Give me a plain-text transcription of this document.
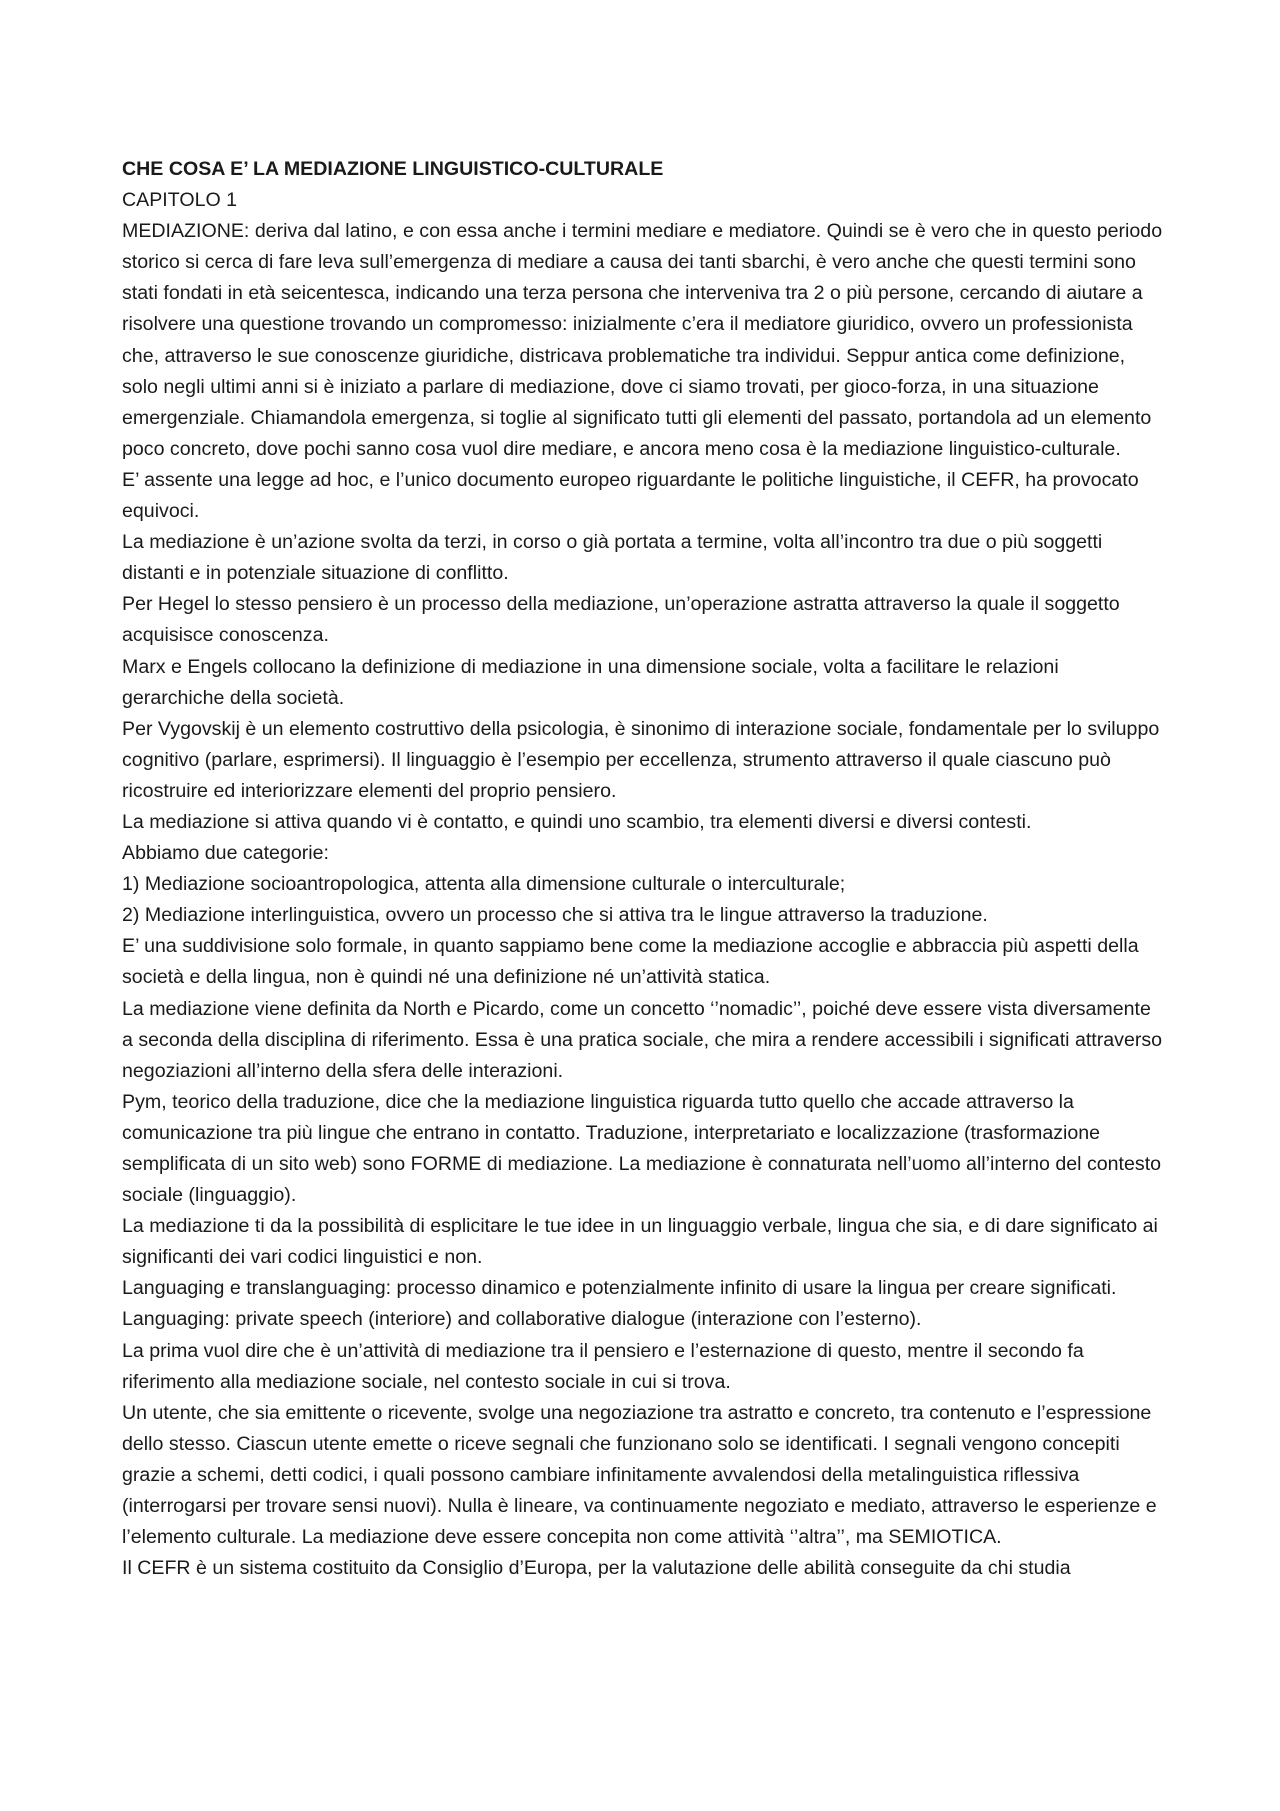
CHE COSA E’ LA MEDIAZIONE LINGUISTICO-CULTURALE

CAPITOLO 1

MEDIAZIONE: deriva dal latino, e con essa anche i termini mediare e mediatore. Quindi se è vero che in questo periodo storico si cerca di fare leva sull’emergenza di mediare a causa dei tanti sbarchi, è vero anche che questi termini sono stati fondati in età seicentesca, indicando una terza persona che interveniva tra 2 o più persone, cercando di aiutare a risolvere una questione trovando un compromesso: inizialmente c’era il mediatore giuridico, ovvero un professionista che, attraverso le sue conoscenze giuridiche, districava problematiche tra individui. Seppur antica come definizione, solo negli ultimi anni si è iniziato a parlare di mediazione, dove ci siamo trovati, per gioco-forza, in una situazione emergenziale. Chiamandola emergenza, si toglie al significato tutti gli elementi del passato, portandola ad un elemento poco concreto, dove pochi sanno cosa vuol dire mediare, e ancora meno cosa è la mediazione linguistico-culturale.

E’ assente una legge ad hoc, e l’unico documento europeo riguardante le politiche linguistiche, il CEFR, ha provocato equivoci.

La mediazione è un’azione svolta da terzi, in corso o già portata a termine, volta all’incontro tra due o più soggetti distanti e in potenziale situazione di conflitto.

Per Hegel lo stesso pensiero è un processo della mediazione, un’operazione astratta attraverso la quale il soggetto acquisisce conoscenza.

Marx e Engels collocano la definizione di mediazione in una dimensione sociale, volta a facilitare le relazioni gerarchiche della società.

Per Vygovskij è un elemento costruttivo della psicologia, è sinonimo di interazione sociale, fondamentale per lo sviluppo cognitivo (parlare, esprimersi). Il linguaggio è l’esempio per eccellenza, strumento attraverso il quale ciascuno può ricostruire ed interiorizzare elementi del proprio pensiero.

La mediazione si attiva quando vi è contatto, e quindi uno scambio, tra elementi diversi e diversi contesti.

Abbiamo due categorie:

1) Mediazione socioantropologica, attenta alla dimensione culturale o interculturale;

2) Mediazione interlinguistica, ovvero un processo che si attiva tra le lingue attraverso la traduzione.

E’ una suddivisione solo formale, in quanto sappiamo bene come la mediazione accoglie e abbraccia più aspetti della società e della lingua, non è quindi né una definizione né un’attività statica.

La mediazione viene definita da North e Picardo, come un concetto ‘’nomadic’’, poiché deve essere vista diversamente a seconda della disciplina di riferimento. Essa è una pratica sociale, che mira a rendere accessibili i significati attraverso negoziazioni all’interno della sfera delle interazioni.

Pym, teorico della traduzione, dice che la mediazione linguistica riguarda tutto quello che accade attraverso la comunicazione tra più lingue che entrano in contatto. Traduzione, interpretariato e localizzazione (trasformazione semplificata di un sito web) sono FORME di mediazione. La mediazione è connaturata nell’uomo all’interno del contesto sociale (linguaggio).

La mediazione ti da la possibilità di esplicitare le tue idee in un linguaggio verbale, lingua che sia, e di dare significato ai significanti dei vari codici linguistici e non.

Languaging e translanguaging: processo dinamico e potenzialmente infinito di usare la lingua per creare significati.

Languaging: private speech (interiore) and collaborative dialogue (interazione con l’esterno).

La prima vuol dire che è un’attività di mediazione tra il pensiero e l’esternazione di questo, mentre il secondo fa riferimento alla mediazione sociale, nel contesto sociale in cui si trova.

Un utente, che sia emittente o ricevente, svolge una negoziazione tra astratto e concreto, tra contenuto e l’espressione dello stesso. Ciascun utente emette o riceve segnali che funzionano solo se identificati. I segnali vengono concepiti grazie a schemi, detti codici, i quali possono cambiare infinitamente avvalendosi della metalinguistica riflessiva (interrogarsi per trovare sensi nuovi). Nulla è lineare, va continuamente negoziato e mediato, attraverso le esperienze e l’elemento culturale. La mediazione deve essere concepita non come attività ‘’altra’’, ma SEMIOTICA.

Il CEFR è un sistema costituito da Consiglio d’Europa, per la valutazione delle abilità conseguite da chi studia
